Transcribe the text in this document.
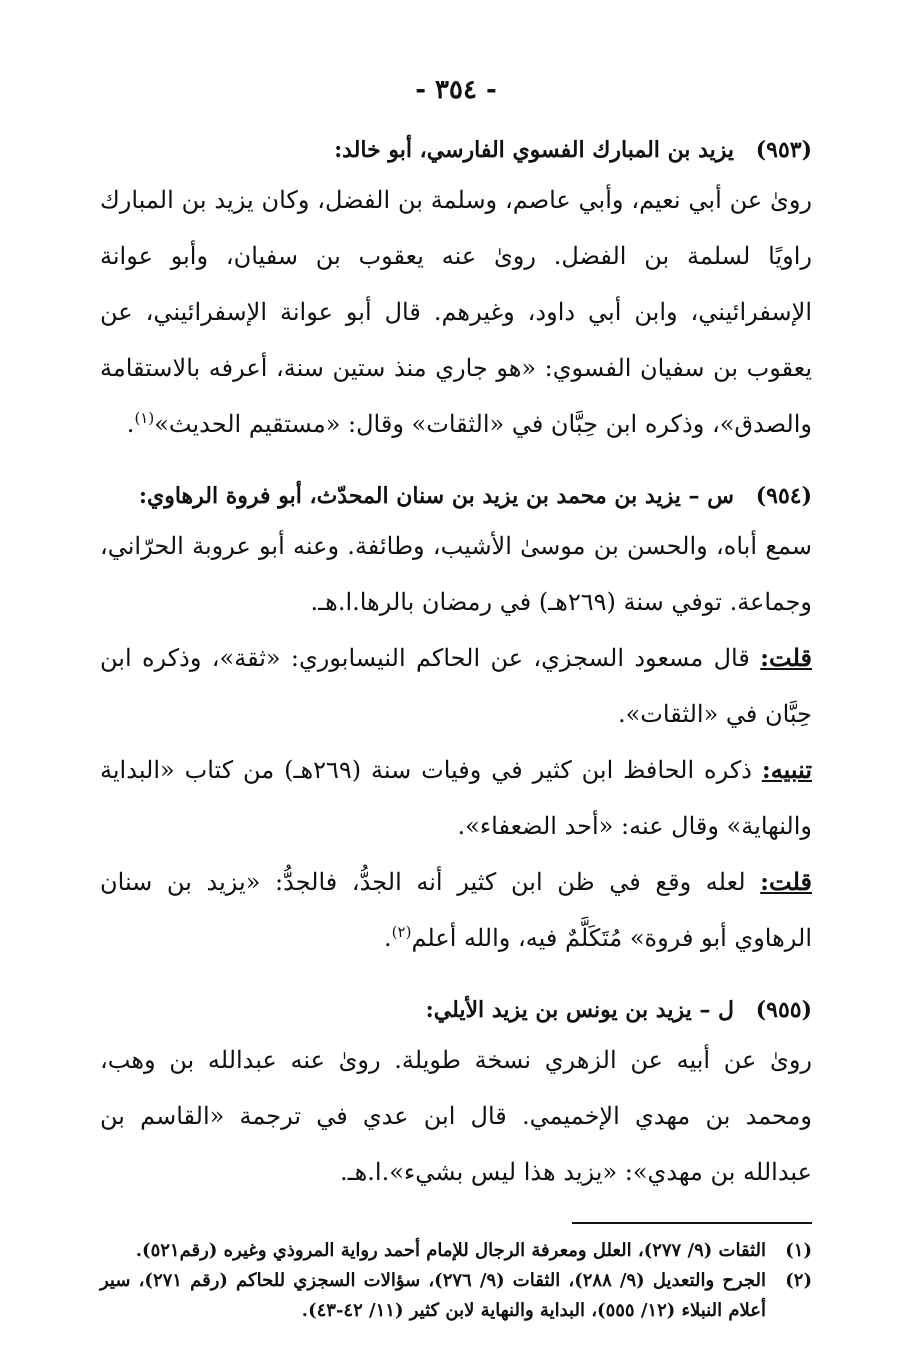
- ٣٥٤ -
(٩٥٣) يزيد بن المبارك الفسوي الفارسي، أبو خالد:

روىٰ عن أبي نعيم، وأبي عاصم، وسلمة بن الفضل، وكان يزيد بن المبارك راويًا لسلمة بن الفضل. روىٰ عنه يعقوب بن سفيان، وأبو عوانة الإسفرائيني، وابن أبي داود، وغيرهم. قال أبو عوانة الإسفرائيني، عن يعقوب بن سفيان الفسوي: «هو جاري منذ ستين سنة، أعرفه بالاستقامة والصدق»، وذكره ابن حِبَّان في «الثقات» وقال: «مستقيم الحديث»$^{(١)}$.

(٩٥٤) س – يزيد بن محمد بن يزيد بن سنان المحدّث، أبو فروة الرهاوي:

سمع أباه، والحسن بن موسىٰ الأشيب، وطائفة. وعنه أبو عروبة الحرّاني، وجماعة. توفي سنة (٢٦٩هـ) في رمضان بالرها.ا.هـ.

قلت: قال مسعود السجزي، عن الحاكم النيسابوري: «ثقة»، وذكره ابن حِبَّان في «الثقات».

تنبيه: ذكره الحافظ ابن كثير في وفيات سنة (٢٦٩هـ) من كتاب «البداية والنهاية» وقال عنه: «أحد الضعفاء».

قلت: لعله وقع في ظن ابن كثير أنه الجدُّ، فالجدُّ: «يزيد بن سنان الرهاوي أبو فروة» مُتَكَلَّمٌ فيه، والله أعلم$^{(٢)}$.

(٩٥٥) ل – يزيد بن يونس بن يزيد الأيلي:

روىٰ عن أبيه عن الزهري نسخة طويلة. روىٰ عنه عبدالله بن وهب، ومحمد بن مهدي الإخميمي. قال ابن عدي في ترجمة «القاسم بن عبدالله بن مهدي»: «يزيد هذا ليس بشيء».ا.هـ.

(١)
الثقات (٩/ ٢٧٧)، العلل ومعرفة الرجال للإمام أحمد رواية المروذي وغيره (رقم٥٢١).
(٢)
الجرح والتعديل (٩/ ٢٨٨)، الثقات (٩/ ٢٧٦)، سؤالات السجزي للحاكم (رقم ٢٧١)، سير أعلام النبلاء (١٢/ ٥٥٥)، البداية والنهاية لابن كثير (١١/ ٤٢-٤٣).
